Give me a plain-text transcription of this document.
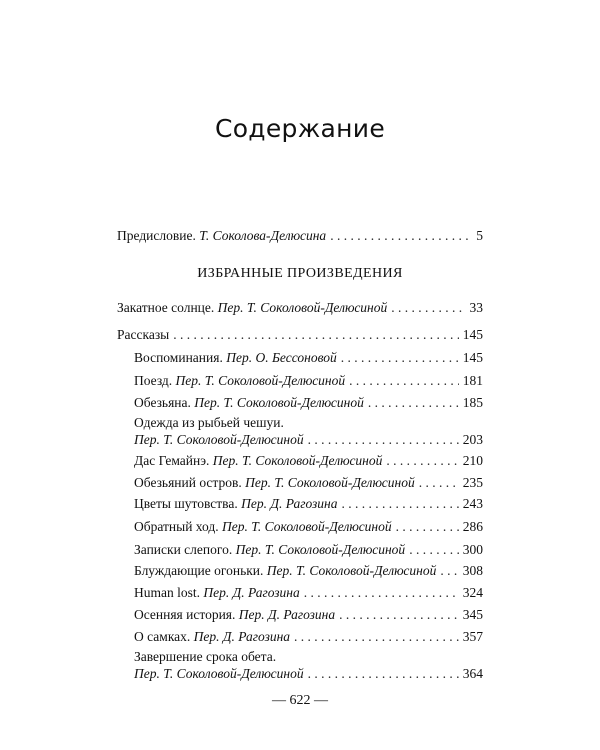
Содержание
Предисловие. Т. Соколова-Делюсина . . .	5
ИЗБРАННЫЕ ПРОИЗВЕДЕНИЯ
Закатное солнце. Пер. Т. Соколовой-Делюсиной . . .	33
Рассказы . . .	145
Воспоминания. Пер. О. Бессоновой . . .	145
Поезд. Пер. Т. Соколовой-Делюсиной . . .	181
Обезьяна. Пер. Т. Соколовой-Делюсиной . . .	185
Одежда из рыбьей чешуи.
Пер. Т. Соколовой-Делюсиной . . .	203
Дас Гемайнэ. Пер. Т. Соколовой-Делюсиной . . .	210
Обезьяний остров. Пер. Т. Соколовой-Делюсиной . . .	235
Цветы шутовства. Пер. Д. Рагозина . . .	243
Обратный ход. Пер. Т. Соколовой-Делюсиной . . .	286
Записки слепого. Пер. Т. Соколовой-Делюсиной . . .	300
Блуждающие огоньки. Пер. Т. Соколовой-Делюсиной . . . 308
Human lost. Пер. Д. Рагозина . . .	324
Осенняя история. Пер. Д. Рагозина . . .	345
О самках. Пер. Д. Рагозина . . .	357
Завершение срока обета.
Пер. Т. Соколовой-Делюсиной . . .	364
— 622 —
